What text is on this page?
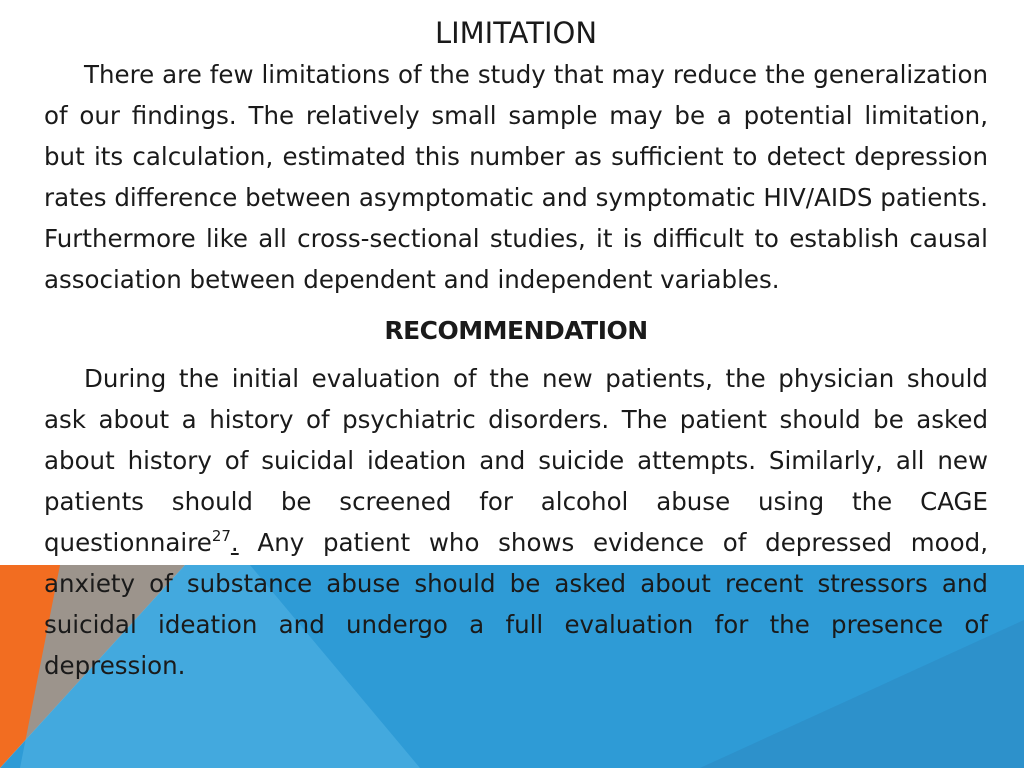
LIMITATION

There are few limitations of the study that may reduce the generalization of our findings. The relatively small sample may be a potential limitation, but its calculation, estimated this number as sufficient to detect depression rates difference between asymptomatic and symptomatic HIV/AIDS patients. Furthermore like all cross-sectional studies, it is difficult to establish causal association between dependent and independent variables.

RECOMMENDATION

During the initial evaluation of the new patients, the physician should ask about a history of psychiatric disorders. The patient should be asked about history of suicidal ideation and suicide attempts. Similarly, all new patients should be screened for alcohol abuse using the CAGE questionnaire$^{27}$. Any patient who shows evidence of depressed mood, anxiety of substance abuse should be asked about recent stressors and suicidal ideation and undergo a full evaluation for the presence of depression.
